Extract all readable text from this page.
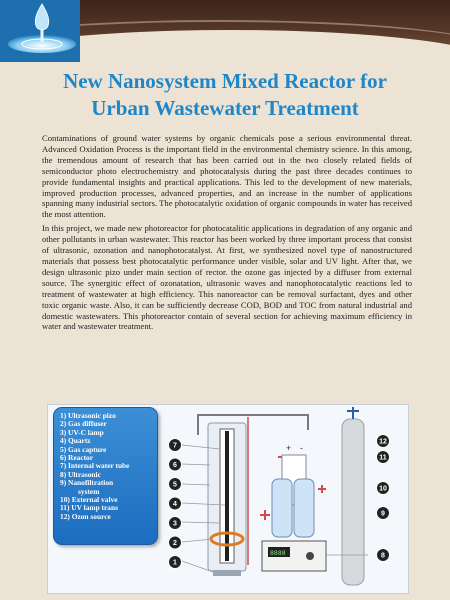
New Nanosystem Mixed Reactor for
Urban Wastewater Treatment

Contaminations of ground water systems by organic chemicals pose a serious environmental threat. Advanced Oxidation Process is the important field in the environmental chemistry science. In this among, the tremendous amount of research that has been carried out in the two closely related fields of semiconductor photo electrochemistry and photocatalysis during the past three decades continues to provide fundamental insights and practical applications. This led to the development of new materials, improved production processes, advanced properties, and an increase in the number of applications spanning many industrial sectors. The photocatalytic oxidation of organic compounds in water has received the most attention.

In this project, we made new photoreactor for photocatalitic applications in degradation of any organic and other pollutants in urban wastewater. This reactor has been worked by three important process that consist of ultrasonic, ozonation and nanophotocatalyst. At first, we synthesized novel type of nanostructured materials that possess best photocatalytic performance under visible, solar and UV light. After that, we design ultrasonic pizo under main section of rector. the ozone gas injected by a diffuser from external source. The synergitic effect of ozonatation, ultrasonic waves and nanophotocatalytic reactions led to treatment of wastewater at high efficiency. This nanoreactor can be removal surfactant, dyes and other toxic organic waste. Also, it can be sufficiently decrease COD, BOD and TOC from natural industrial and domestic wastewaters. This photoreactor contain of several section for achieving maximum efficiency in water and wastewater treatment.

1) Ultrasonic pizo
2) Gas diffuser
3) UV-C lamp
4) Quartz
5) Gas capture
6) Reactor
7) Internal water tube
8) Ultrasonic
9) Nanofiltration
system
10) External valve
11) UV lamp trans
12) Ozon source
+ -
8888
7
6
5
4
3
2
1
12
11
10
9
8
